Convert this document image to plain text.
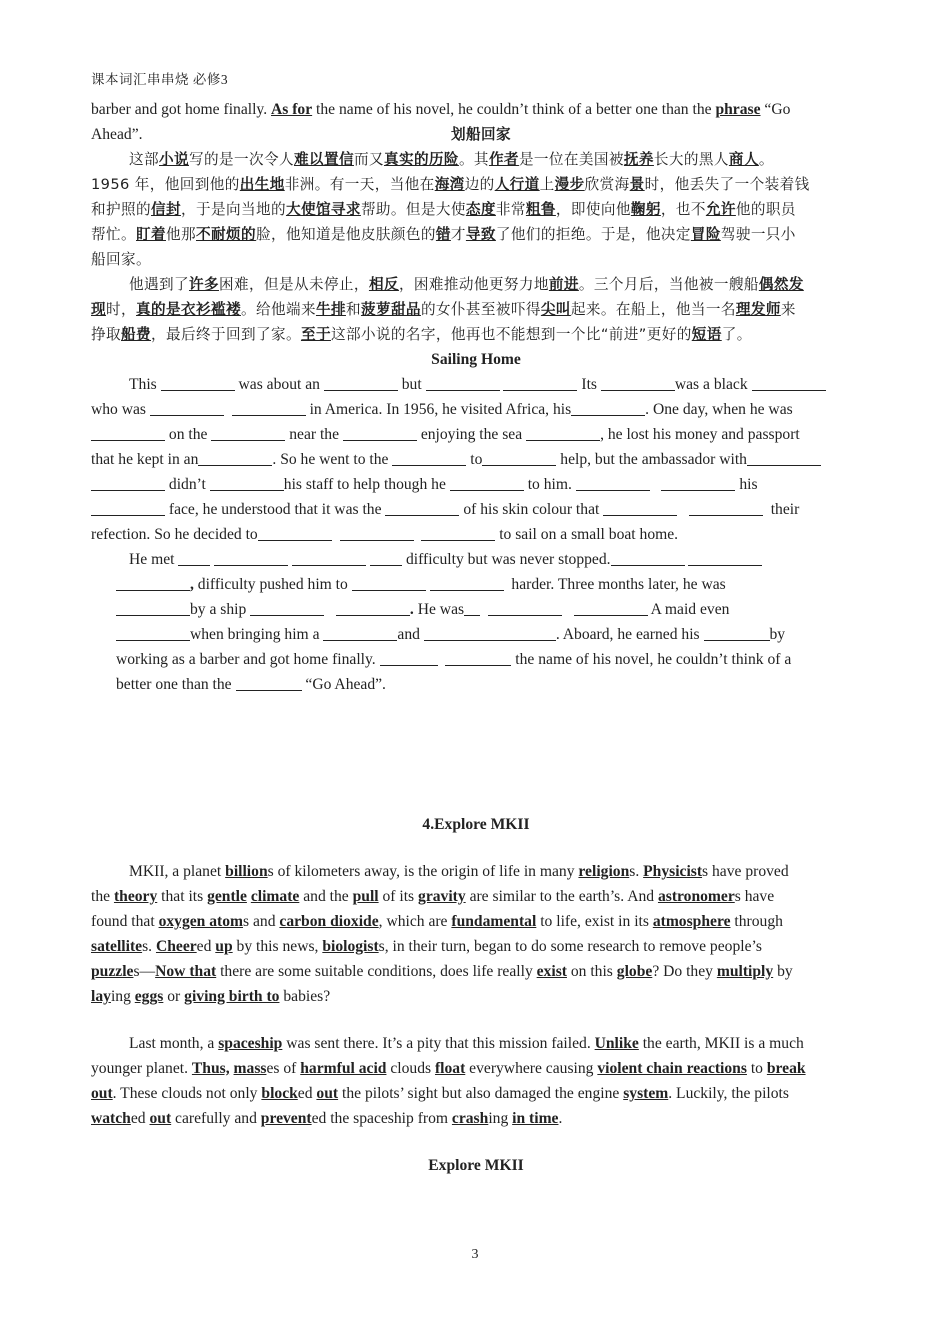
课本词汇串串烧 必修3
barber and got home finally. As for the name of his novel, he couldn’t think of a better one than the phrase “Go
Ahead”.	划船回家
这部小说写的是一次令人难以置信而又真实的历险。其作者是一位在美国被抚养长大的黑人商人。
1956 年，他回到他的出生地非洲。有一天，当他在海湾边的人行道上漫步欣赏海景时，他丢失了一个装着钱
和护照的信封，于是向当地的大使馆寻求帮助。但是大使态度非常粗鲁，即使向他鞠躬，也不允许他的职员
帮忙。盯着他那不耐烦的脸，他知道是他皮肤颜色的错才导致了他们的拒绝。于是，他决定冒险驾驶一只小
船回家。
他遇到了许多困难，但是从未停止，相反，困难推动他更努力地前进。三个月后，当他被一艘船偶然发
现时，真的是衣衫褴褛。给他端来牛排和菠萝甜品的女仆甚至被吓得尖叫起来。在船上，他当一名理发师来
挣取船费，最后终于回到了家。至于这部小说的名字，他再也不能想到一个比“前进”更好的短语了。
Sailing Home
This	was about an	but	Its	was a black
who was	in America. In 1956, he visited Africa, his	. One day, when he was
on the	near the	enjoying the sea	, he lost his money and passport
that he kept in an	. So he went to the	to	help, but the ambassador with
didn’t	his staff to help though he	to him.	his
face, he understood that it was the	of his skin colour that	their
refection. So he decided to	to sail on a small boat home.
He met	difficulty but was never stopped.
, difficulty pushed him to	harder. Three months later, he was
by a ship	. He was	A maid even
when bringing him a	and	. Aboard, he earned his	by
working as a barber and got home finally.	the name of his novel, he couldn’t think of a
better one than the	“Go Ahead”.
4.Explore MKII
MKII, a planet billions of kilometers away, is the origin of life in many religions. Physicists have proved
the theory that its gentle climate and the pull of its gravity are similar to the earth’s. And astronomers have
found that oxygen atoms and carbon dioxide, which are fundamental to life, exist in its atmosphere through
satellites. Cheered up by this news, biologists, in their turn, began to do some research to remove people’s
puzzles—Now that there are some suitable conditions, does life really exist on this globe? Do they multiply by
laying eggs or giving birth to babies?
Last month, a spaceship was sent there. It’s a pity that this mission failed. Unlike the earth, MKII is a much
younger planet. Thus, masses of harmful acid clouds float everywhere causing violent chain reactions to break
out. These clouds not only blocked out the pilots’ sight but also damaged the engine system. Luckily, the pilots
watched out carefully and prevented the spaceship from crashing in time.
Explore MKII
3
